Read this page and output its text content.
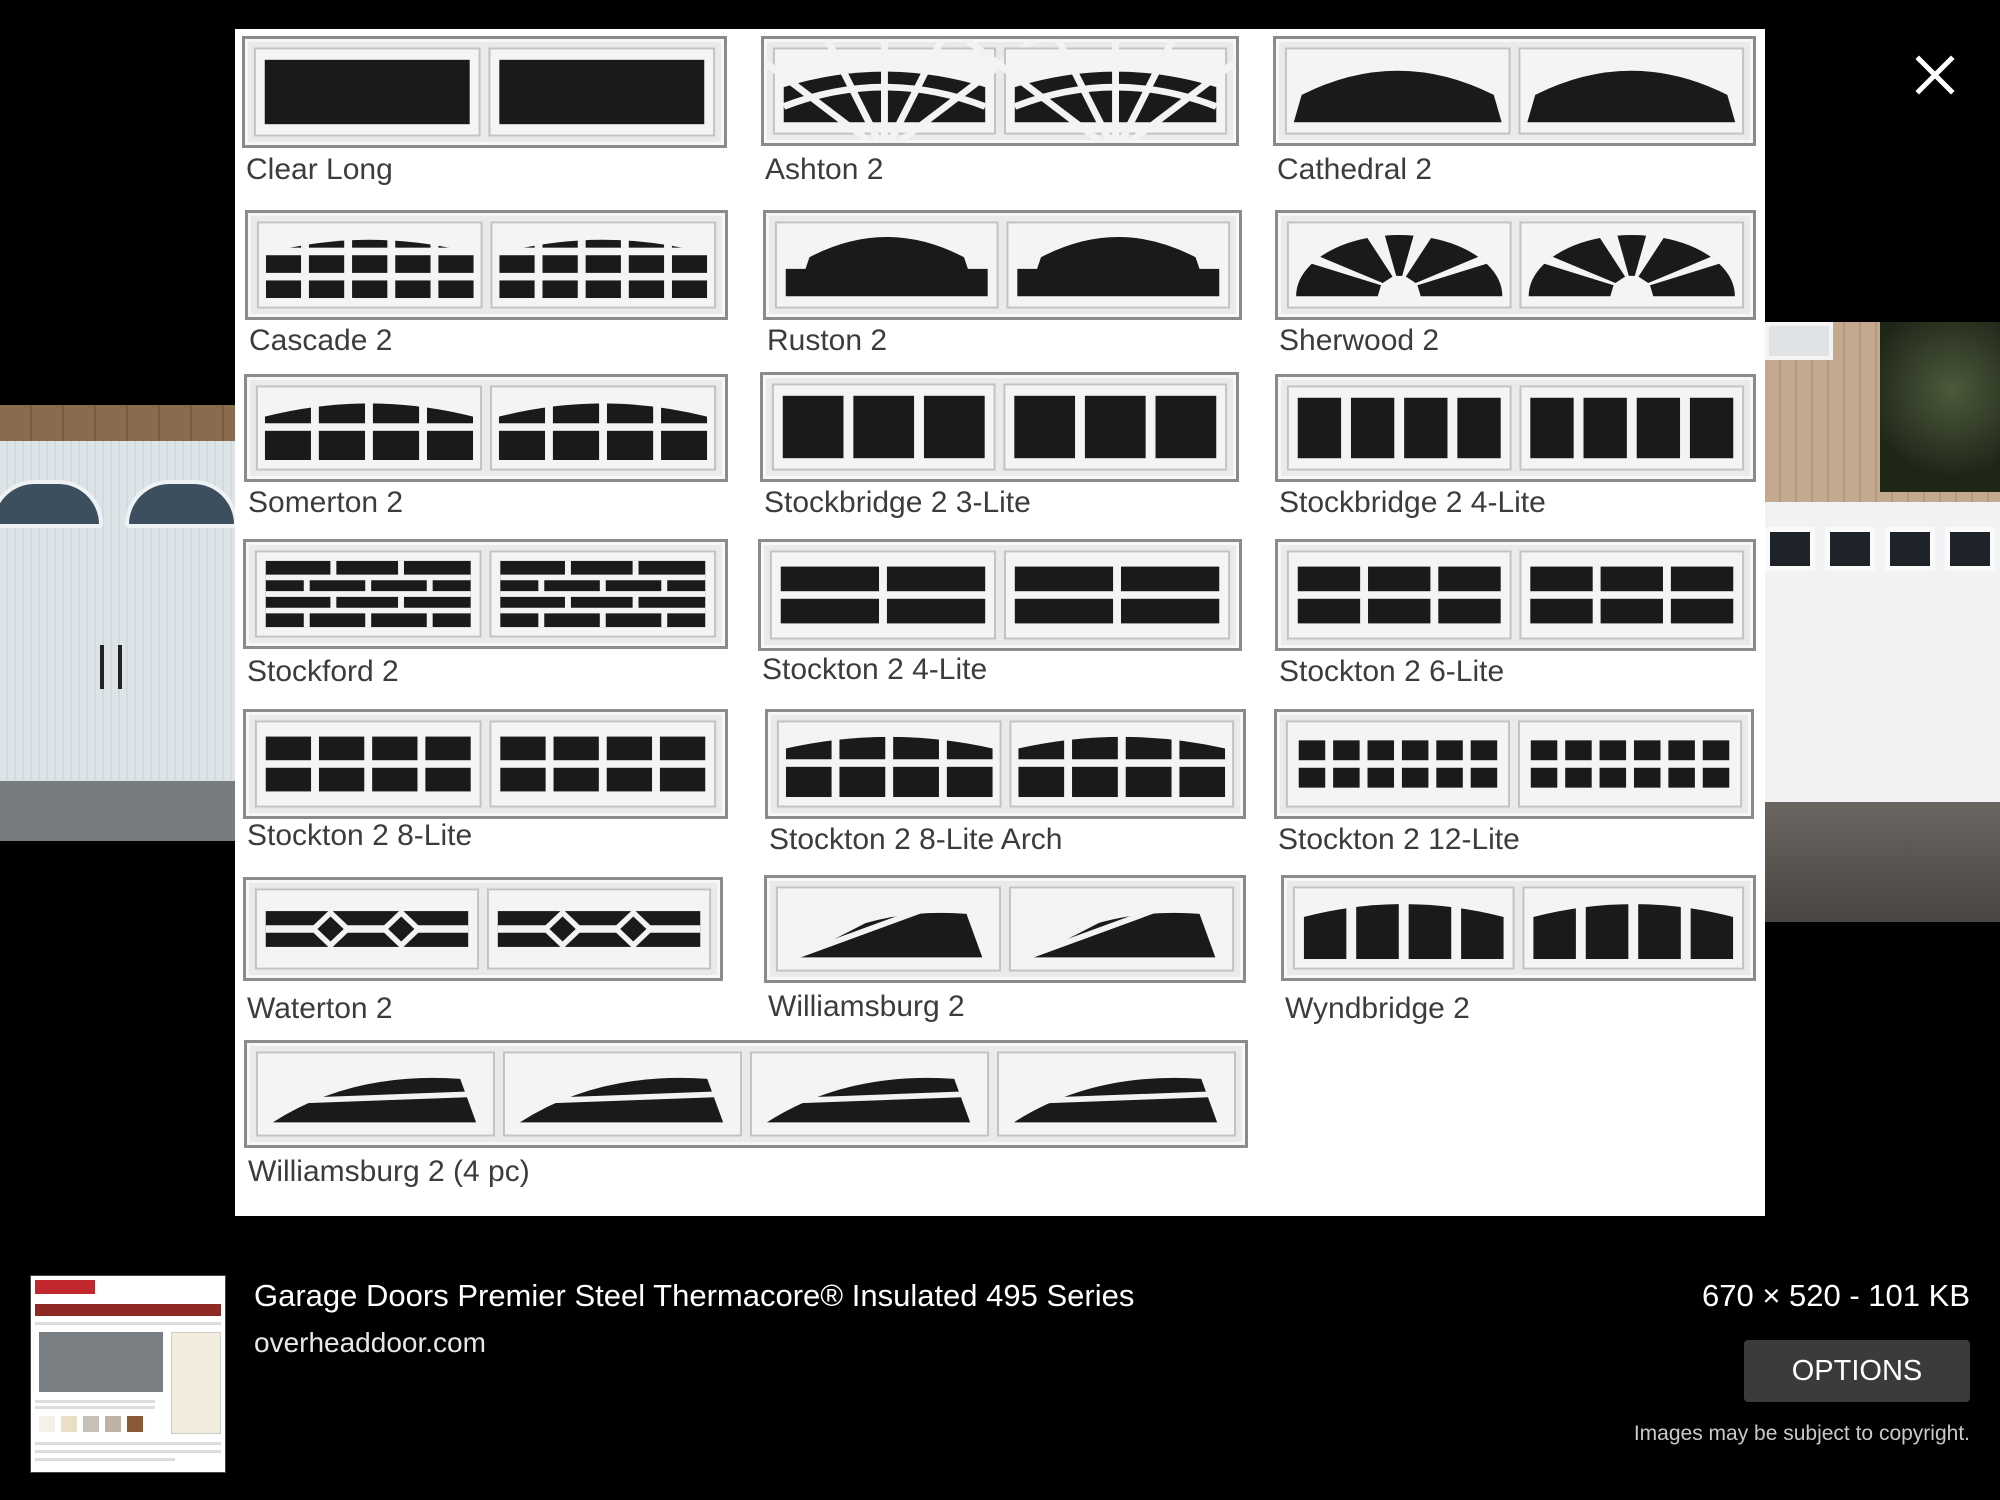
Clear Long	Ashton 2	Cathedral 2
Cascade 2	Ruston 2	Sherwood 2
Somerton 2	Stockbridge 2 3-Lite	Stockbridge 2 4-Lite
Stockford 2	Stockton 2 4-Lite	Stockton 2 6-Lite
Stockton 2 8-Lite	Stockton 2 8-Lite Arch	Stockton 2 12-Lite
Waterton 2	Williamsburg 2	Wyndbridge 2
Williamsburg 2 (4 pc)
Garage Doors Premier Steel Thermacore® Insulated 495 Series
overheaddoor.com
670 × 520 - 101 KB
OPTIONS
Images may be subject to copyright.
